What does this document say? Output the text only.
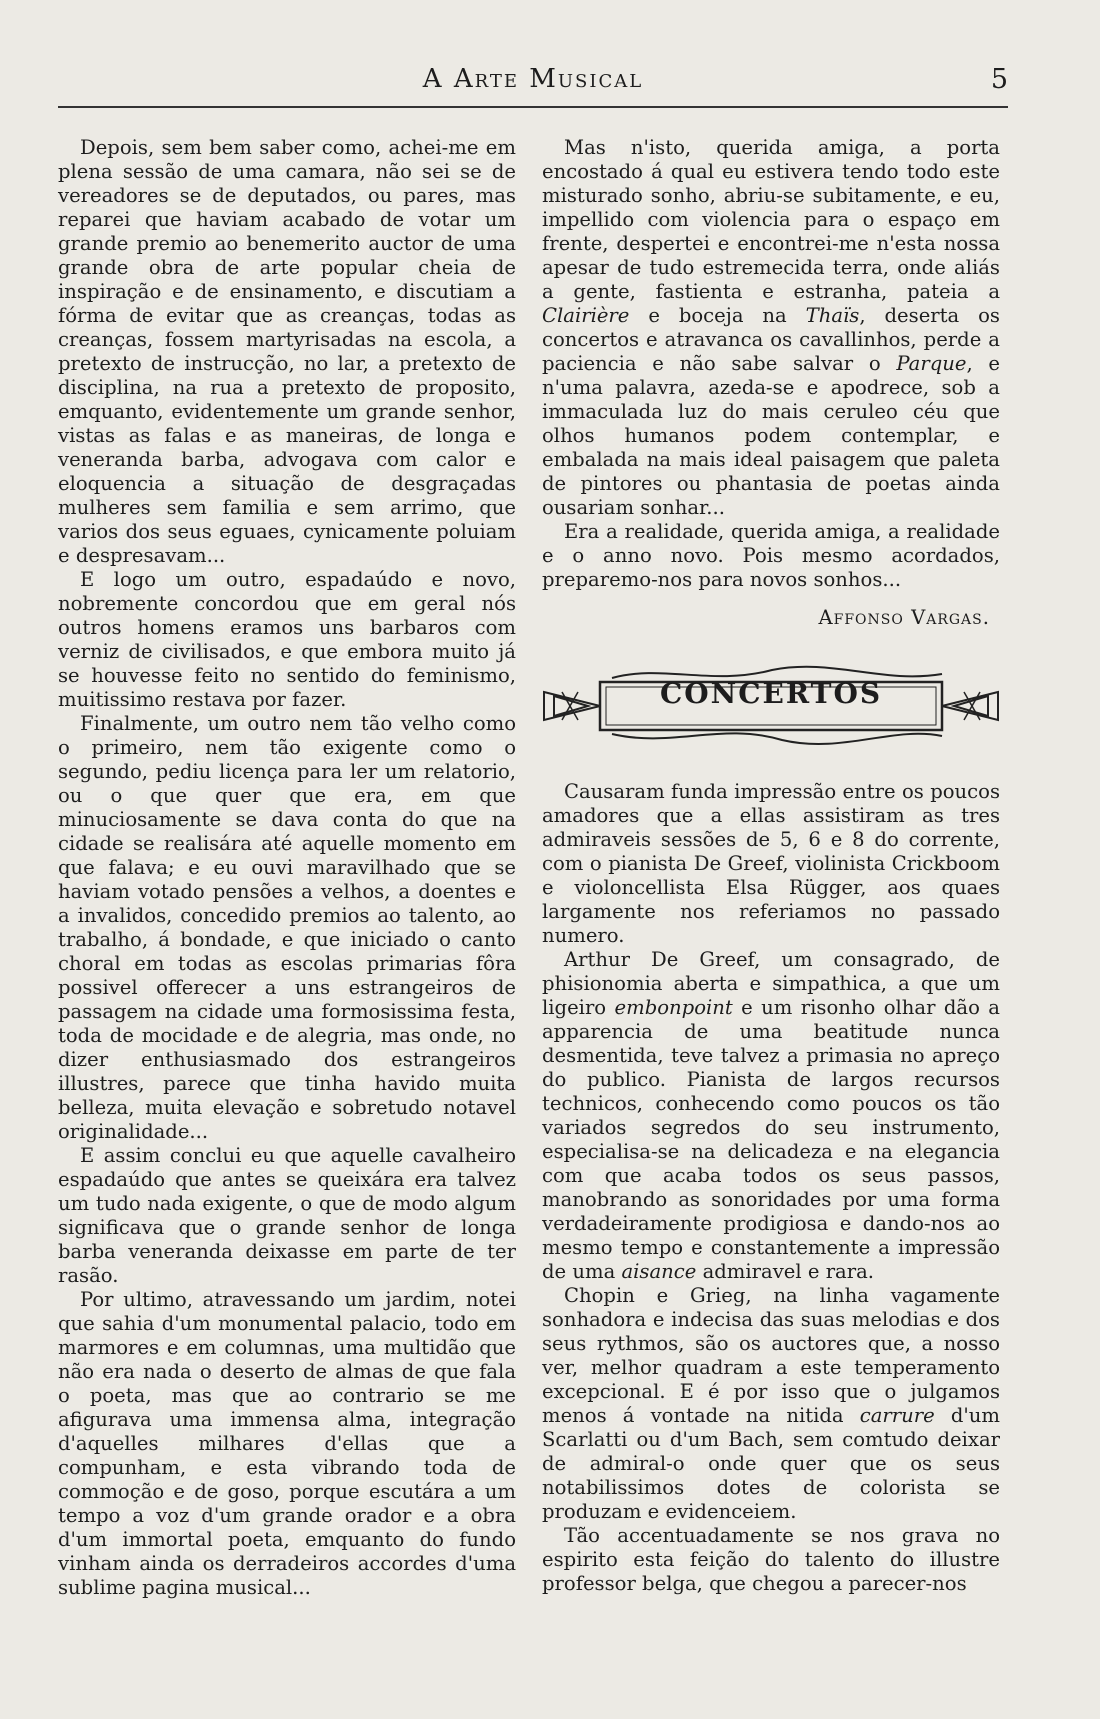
A Arte Musical	5

Depois, sem bem saber como, achei-me em plena sessão de uma camara, não sei se de vereadores se de deputados, ou pares, mas reparei que haviam acabado de votar um grande premio ao benemerito auctor de uma grande obra de arte popular cheia de inspiração e de ensinamento, e discutiam a fórma de evitar que as creanças, todas as creanças, fossem martyrisadas na escola, a pretexto de instrucção, no lar, a pretexto de disciplina, na rua a pretexto de proposito, emquanto, evidentemente um grande senhor, vistas as falas e as maneiras, de longa e veneranda barba, advogava com calor e eloquencia a situação de desgraçadas mulheres sem familia e sem arrimo, que varios dos seus eguaes, cynicamente poluiam e despresavam...

E logo um outro, espadaúdo e novo, nobremente concordou que em geral nós outros homens eramos uns barbaros com verniz de civilisados, e que embora muito já se houvesse feito no sentido do feminismo, muitissimo restava por fazer.

Finalmente, um outro nem tão velho como o primeiro, nem tão exigente como o segundo, pediu licença para ler um relatorio, ou o que quer que era, em que minuciosamente se dava conta do que na cidade se realisára até aquelle momento em que falava; e eu ouvi maravilhado que se haviam votado pensões a velhos, a doentes e a invalidos, concedido premios ao talento, ao trabalho, á bondade, e que iniciado o canto choral em todas as escolas primarias fôra possivel offerecer a uns estrangeiros de passagem na cidade uma formosissima festa, toda de mocidade e de alegria, mas onde, no dizer enthusiasmado dos estrangeiros illustres, parece que tinha havido muita belleza, muita elevação e sobretudo notavel originalidade...

E assim conclui eu que aquelle cavalheiro espadaúdo que antes se queixára era talvez um tudo nada exigente, o que de modo algum significava que o grande senhor de longa barba veneranda deixasse em parte de ter rasão.

Por ultimo, atravessando um jardim, notei que sahia d'um monumental palacio, todo em marmores e em columnas, uma multidão que não era nada o deserto de almas de que fala o poeta, mas que ao contrario se me afigurava uma immensa alma, integração d'aquelles milhares d'ellas que a compunham, e esta vibrando toda de commoção e de goso, porque escutára a um tempo a voz d'um grande orador e a obra d'um immortal poeta, emquanto do fundo vinham ainda os derradeiros accordes d'uma sublime pagina musical...

Mas n'isto, querida amiga, a porta encostado á qual eu estivera tendo todo este misturado sonho, abriu-se subitamente, e eu, impellido com violencia para o espaço em frente, despertei e encontrei-me n'esta nossa apesar de tudo estremecida terra, onde aliás a gente, fastienta e estranha, pateia a Clairière e boceja na Thaïs, deserta os concertos e atravanca os cavallinhos, perde a paciencia e não sabe salvar o Parque, e n'uma palavra, azeda-se e apodrece, sob a immaculada luz do mais ceruleo céu que olhos humanos podem contemplar, e embalada na mais ideal paisagem que paleta de pintores ou phantasia de poetas ainda ousariam sonhar...

Era a realidade, querida amiga, a realidade e o anno novo. Pois mesmo acordados, preparemo-nos para novos sonhos...

Affonso Vargas.
CONCERTOS

Causaram funda impressão entre os poucos amadores que a ellas assistiram as tres admiraveis sessões de 5, 6 e 8 do corrente, com o pianista De Greef, violinista Crickboom e violoncellista Elsa Rügger, aos quaes largamente nos referiamos no passado numero.

Arthur De Greef, um consagrado, de phisionomia aberta e simpathica, a que um ligeiro embonpoint e um risonho olhar dão a apparencia de uma beatitude nunca desmentida, teve talvez a primasia no apreço do publico. Pianista de largos recursos technicos, conhecendo como poucos os tão variados segredos do seu instrumento, especialisa-se na delicadeza e na elegancia com que acaba todos os seus passos, manobrando as sonoridades por uma forma verdadeiramente prodigiosa e dando-nos ao mesmo tempo e constantemente a impressão de uma aisance admiravel e rara.

Chopin e Grieg, na linha vagamente sonhadora e indecisa das suas melodias e dos seus rythmos, são os auctores que, a nosso ver, melhor quadram a este temperamento excepcional. E é por isso que o julgamos menos á vontade na nitida carrure d'um Scarlatti ou d'um Bach, sem comtudo deixar de admiral-o onde quer que os seus notabilissimos dotes de colorista se produzam e evidenceiem.

Tão accentuadamente se nos grava no espirito esta feição do talento do illustre professor belga, que chegou a parecer-nos
